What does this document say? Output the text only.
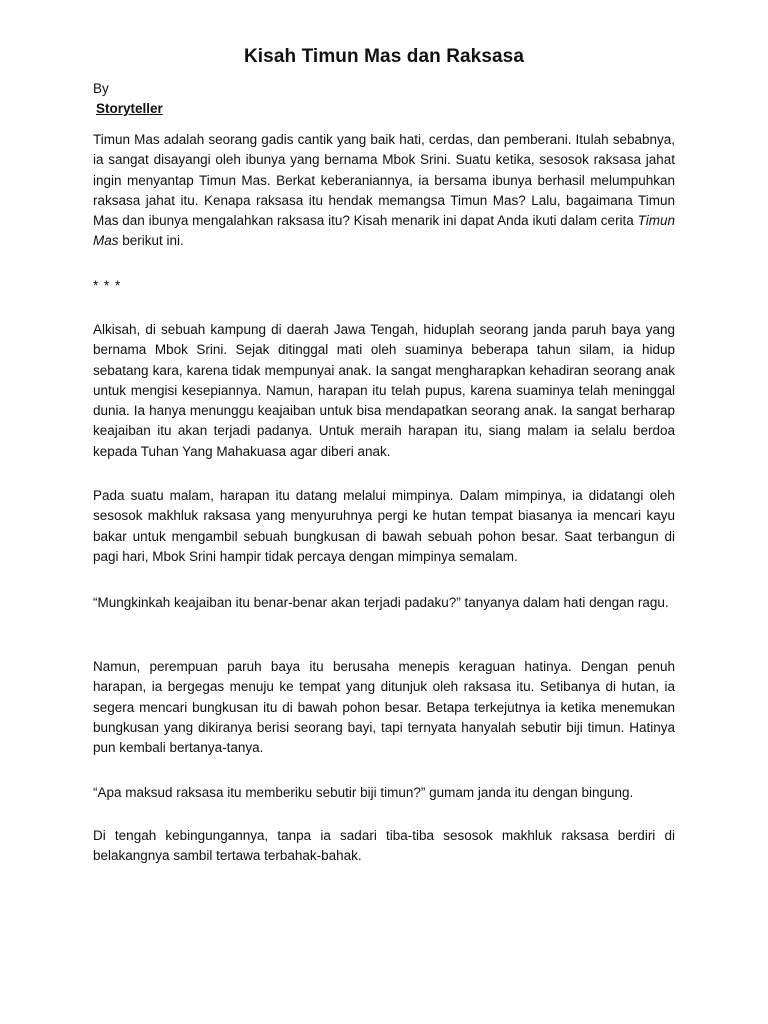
Kisah Timun Mas dan Raksasa
By
Storyteller

Timun Mas adalah seorang gadis cantik yang baik hati, cerdas, dan pemberani. Itulah sebabnya, ia sangat disayangi oleh ibunya yang bernama Mbok Srini. Suatu ketika, sesosok raksasa jahat ingin menyantap Timun Mas. Berkat keberaniannya, ia bersama ibunya berhasil melumpuhkan raksasa jahat itu. Kenapa raksasa itu hendak memangsa Timun Mas? Lalu, bagaimana Timun Mas dan ibunya mengalahkan raksasa itu? Kisah menarik ini dapat Anda ikuti dalam cerita Timun Mas berikut ini.

* * *

Alkisah, di sebuah kampung di daerah Jawa Tengah, hiduplah seorang janda paruh baya yang bernama Mbok Srini. Sejak ditinggal mati oleh suaminya beberapa tahun silam, ia hidup sebatang kara, karena tidak mempunyai anak. Ia sangat mengharapkan kehadiran seorang anak untuk mengisi kesepiannya. Namun, harapan itu telah pupus, karena suaminya telah meninggal dunia. Ia hanya menunggu keajaiban untuk bisa mendapatkan seorang anak. Ia sangat berharap keajaiban itu akan terjadi padanya. Untuk meraih harapan itu, siang malam ia selalu berdoa kepada Tuhan Yang Mahakuasa agar diberi anak.

Pada suatu malam, harapan itu datang melalui mimpinya. Dalam mimpinya, ia didatangi oleh sesosok makhluk raksasa yang menyuruhnya pergi ke hutan tempat biasanya ia mencari kayu bakar untuk mengambil sebuah bungkusan di bawah sebuah pohon besar. Saat terbangun di pagi hari, Mbok Srini hampir tidak percaya dengan mimpinya semalam.

“Mungkinkah keajaiban itu benar-benar akan terjadi padaku?” tanyanya dalam hati dengan ragu.

Namun, perempuan paruh baya itu berusaha menepis keraguan hatinya. Dengan penuh harapan, ia bergegas menuju ke tempat yang ditunjuk oleh raksasa itu. Setibanya di hutan, ia segera mencari bungkusan itu di bawah pohon besar. Betapa terkejutnya ia ketika menemukan bungkusan yang dikiranya berisi seorang bayi, tapi ternyata hanyalah sebutir biji timun. Hatinya pun kembali bertanya-tanya.

“Apa maksud raksasa itu memberiku sebutir biji timun?” gumam janda itu dengan bingung.

Di tengah kebingungannya, tanpa ia sadari tiba-tiba sesosok makhluk raksasa berdiri di belakangnya sambil tertawa terbahak-bahak.
